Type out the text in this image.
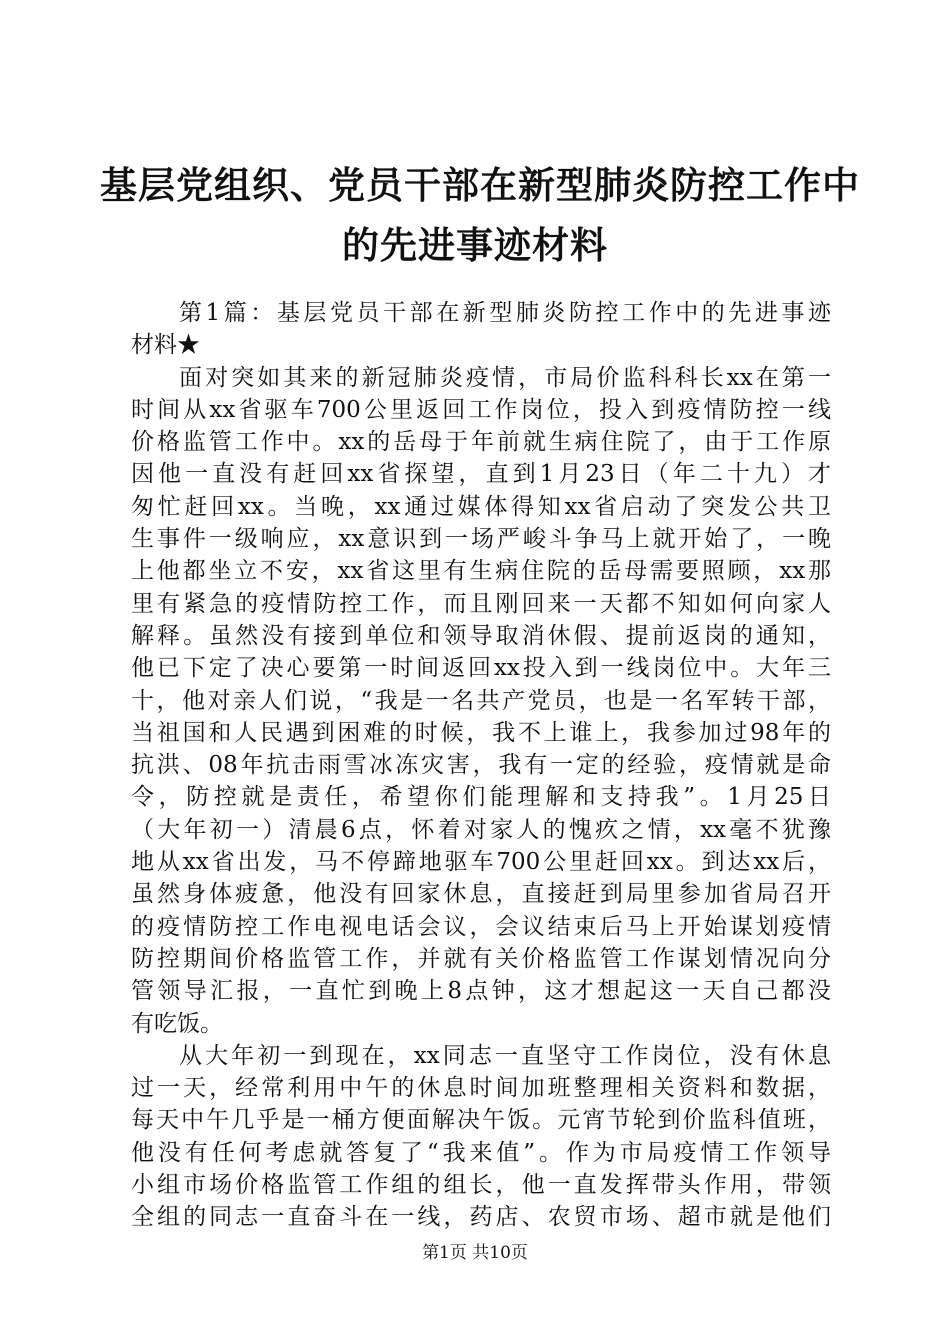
基层党组织、党员干部在新型肺炎防控工作中
的先进事迹材料
第1篇：基层党员干部在新型肺炎防控工作中的先进事迹
材料★
面对突如其来的新冠肺炎疫情，市局价监科科长xx在第一
时间从xx省驱车700公里返回工作岗位，投入到疫情防控一线
价格监管工作中。xx的岳母于年前就生病住院了，由于工作原
因他一直没有赶回xx省探望，直到1月23日（年二十九）才
匆忙赶回xx。当晚，xx通过媒体得知xx省启动了突发公共卫
生事件一级响应，xx意识到一场严峻斗争马上就开始了，一晚
上他都坐立不安，xx省这里有生病住院的岳母需要照顾，xx那
里有紧急的疫情防控工作，而且刚回来一天都不知如何向家人
解释。虽然没有接到单位和领导取消休假、提前返岗的通知，
他已下定了决心要第一时间返回xx投入到一线岗位中。大年三
十，他对亲人们说，“我是一名共产党员，也是一名军转干部，
当祖国和人民遇到困难的时候，我不上谁上，我参加过98年的
抗洪、08年抗击雨雪冰冻灾害，我有一定的经验，疫情就是命
令，防控就是责任，希望你们能理解和支持我”。1月25日
（大年初一）清晨6点，怀着对家人的愧疚之情，xx毫不犹豫
地从xx省出发，马不停蹄地驱车700公里赶回xx。到达xx后，
虽然身体疲惫，他没有回家休息，直接赶到局里参加省局召开
的疫情防控工作电视电话会议，会议结束后马上开始谋划疫情
防控期间价格监管工作，并就有关价格监管工作谋划情况向分
管领导汇报，一直忙到晚上8点钟，这才想起这一天自己都没
有吃饭。
从大年初一到现在，xx同志一直坚守工作岗位，没有休息
过一天，经常利用中午的休息时间加班整理相关资料和数据，
每天中午几乎是一桶方便面解决午饭。元宵节轮到价监科值班，
他没有任何考虑就答复了“我来值”。作为市局疫情工作领导
小组市场价格监管工作组的组长，他一直发挥带头作用，带领
全组的同志一直奋斗在一线，药店、农贸市场、超市就是他们
第1页 共10页
